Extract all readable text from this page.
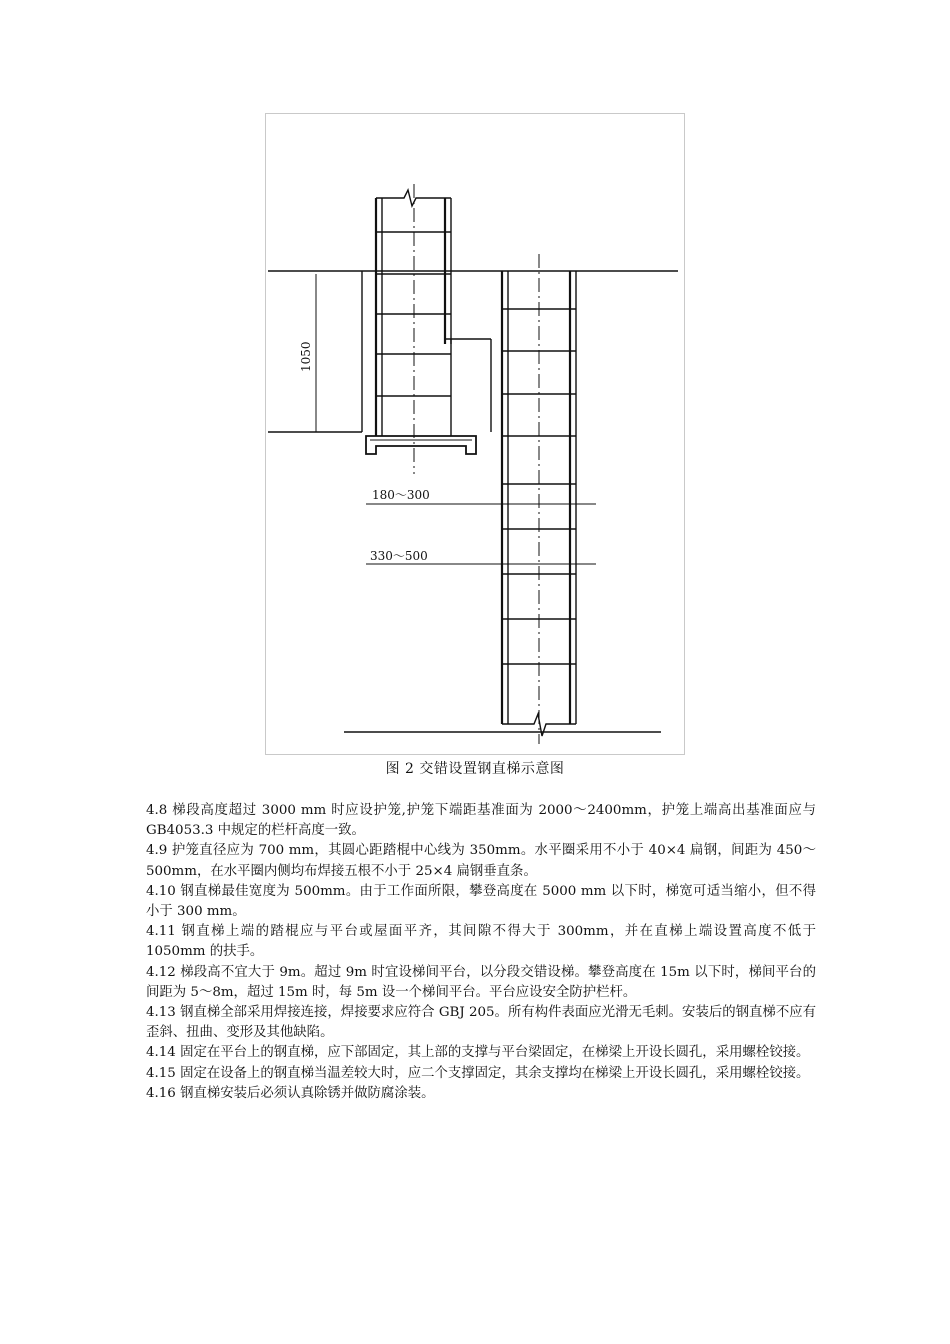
1050
180～300
330～500
图 2 交错设置钢直梯示意图

4.8 梯段高度超过 3000 mm 时应设护笼,护笼下端距基准面为 2000～2400mm，护笼上端高出基准面应与 GB4053.3 中规定的栏杆高度一致。

4.9 护笼直径应为 700 mm，其圆心距踏棍中心线为 350mm。水平圈采用不小于 40×4 扁钢，间距为 450～500mm，在水平圈内侧均布焊接五根不小于 25×4 扁钢垂直条。

4.10 钢直梯最佳宽度为 500mm。由于工作面所限，攀登高度在 5000 mm 以下时，梯宽可适当缩小，但不得小于 300 mm。

4.11 钢直梯上端的踏棍应与平台或屋面平齐，其间隙不得大于 300mm，并在直梯上端设置高度不低于 1050mm 的扶手。

4.12 梯段高不宜大于 9m。超过 9m 时宜设梯间平台，以分段交错设梯。攀登高度在 15m 以下时，梯间平台的间距为 5～8m，超过 15m 时，每 5m 设一个梯间平台。平台应设安全防护栏杆。

4.13 钢直梯全部采用焊接连接，焊接要求应符合 GBJ 205。所有构件表面应光滑无毛刺。安装后的钢直梯不应有歪斜、扭曲、变形及其他缺陷。

4.14 固定在平台上的钢直梯，应下部固定，其上部的支撑与平台梁固定，在梯梁上开设长圆孔，采用螺栓铰接。

4.15 固定在设备上的钢直梯当温差较大时，应二个支撑固定，其余支撑均在梯梁上开设长圆孔，采用螺栓铰接。

4.16 钢直梯安装后必须认真除锈并做防腐涂装。
